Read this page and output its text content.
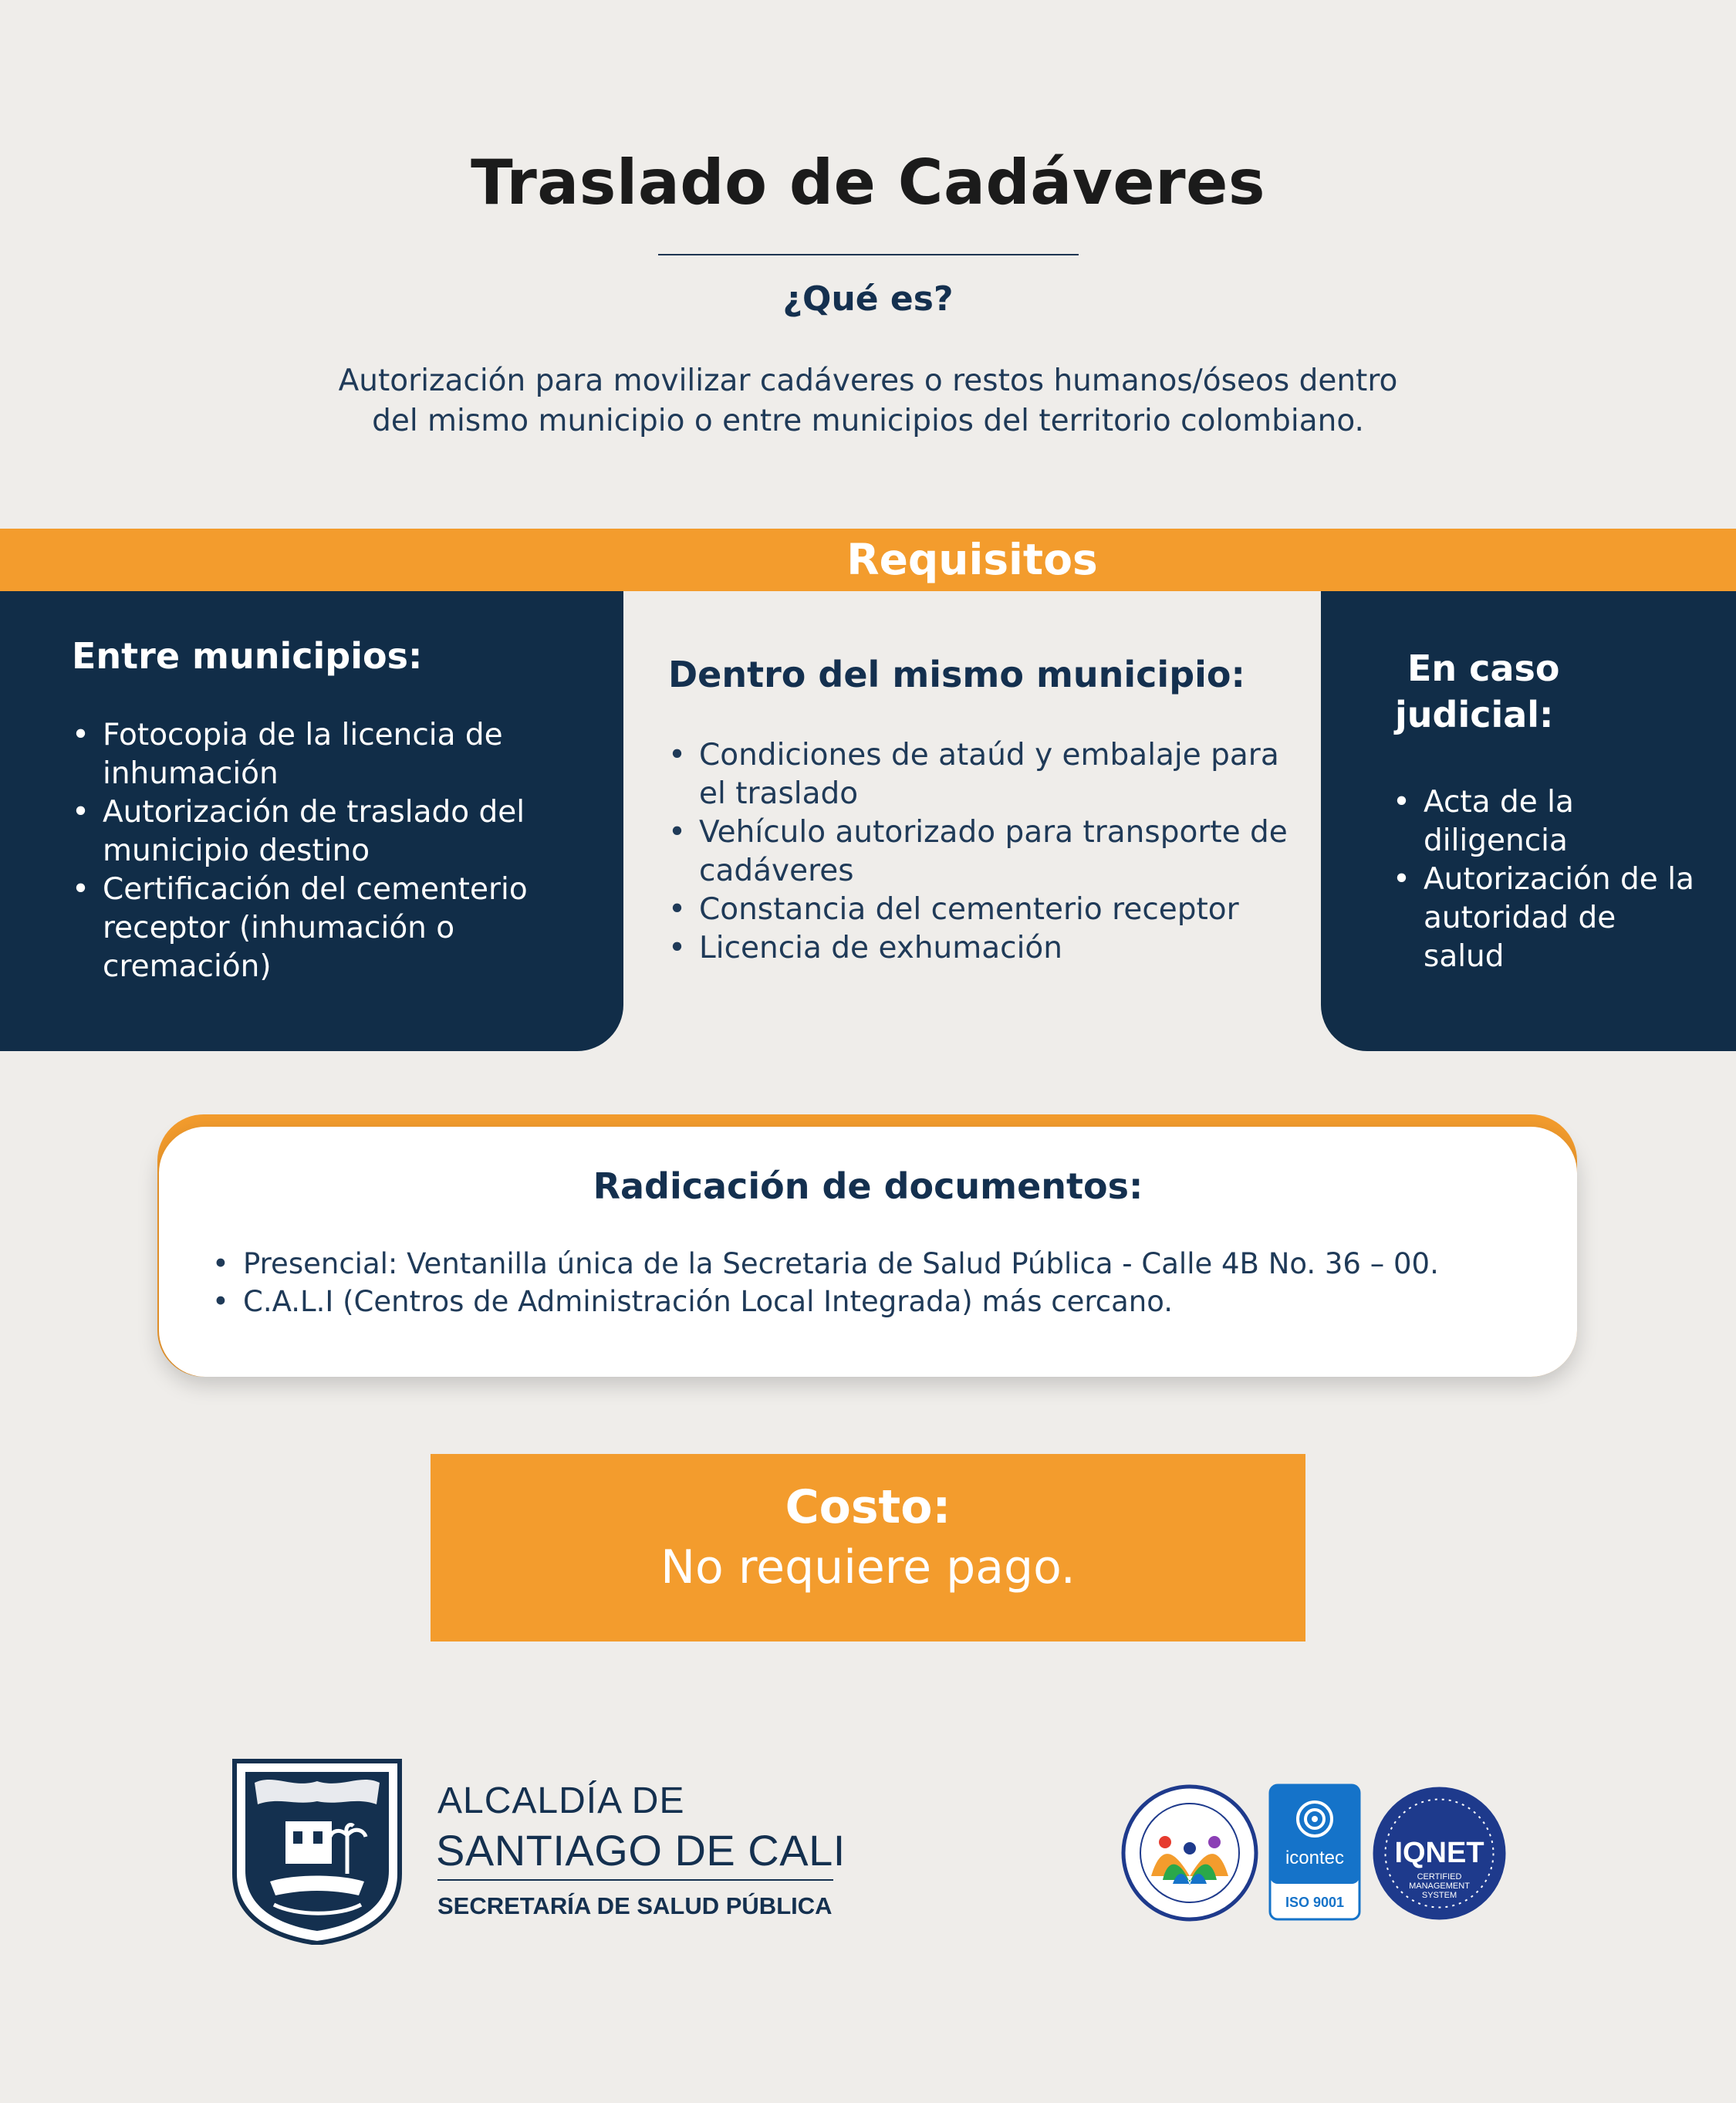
Traslado de Cadáveres
¿Qué es?

Autorización para movilizar cadáveres o restos humanos/óseos dentro

del mismo municipio o entre municipios del territorio colombiano.

Requisitos
Entre municipios:
• Fotocopia de la licencia de inhumación
• Autorización de traslado del municipio destino
• Certificación del cementerio receptor (inhumación o cremación)
Dentro del mismo municipio:
• Condiciones de ataúd y embalaje para el traslado
• Vehículo autorizado para transporte de cadáveres
• Constancia del cementerio receptor
• Licencia de exhumación
En caso
judicial:
• Acta de la diligencia
• Autorización de la autoridad de salud
Radicación de documentos:
• Presencial: Ventanilla única de la Secretaria de Salud Pública - Calle 4B No. 36 – 00.
• C.A.L.I (Centros de Administración Local Integrada) más cercano.
Costo:
No requiere pago.
ALCALDÍA DE
SANTIAGO DE CALI
SECRETARÍA DE SALUD PÚBLICA
icontec
ISO 9001
IQNET
CERTIFIED
MANAGEMENT
SYSTEM
